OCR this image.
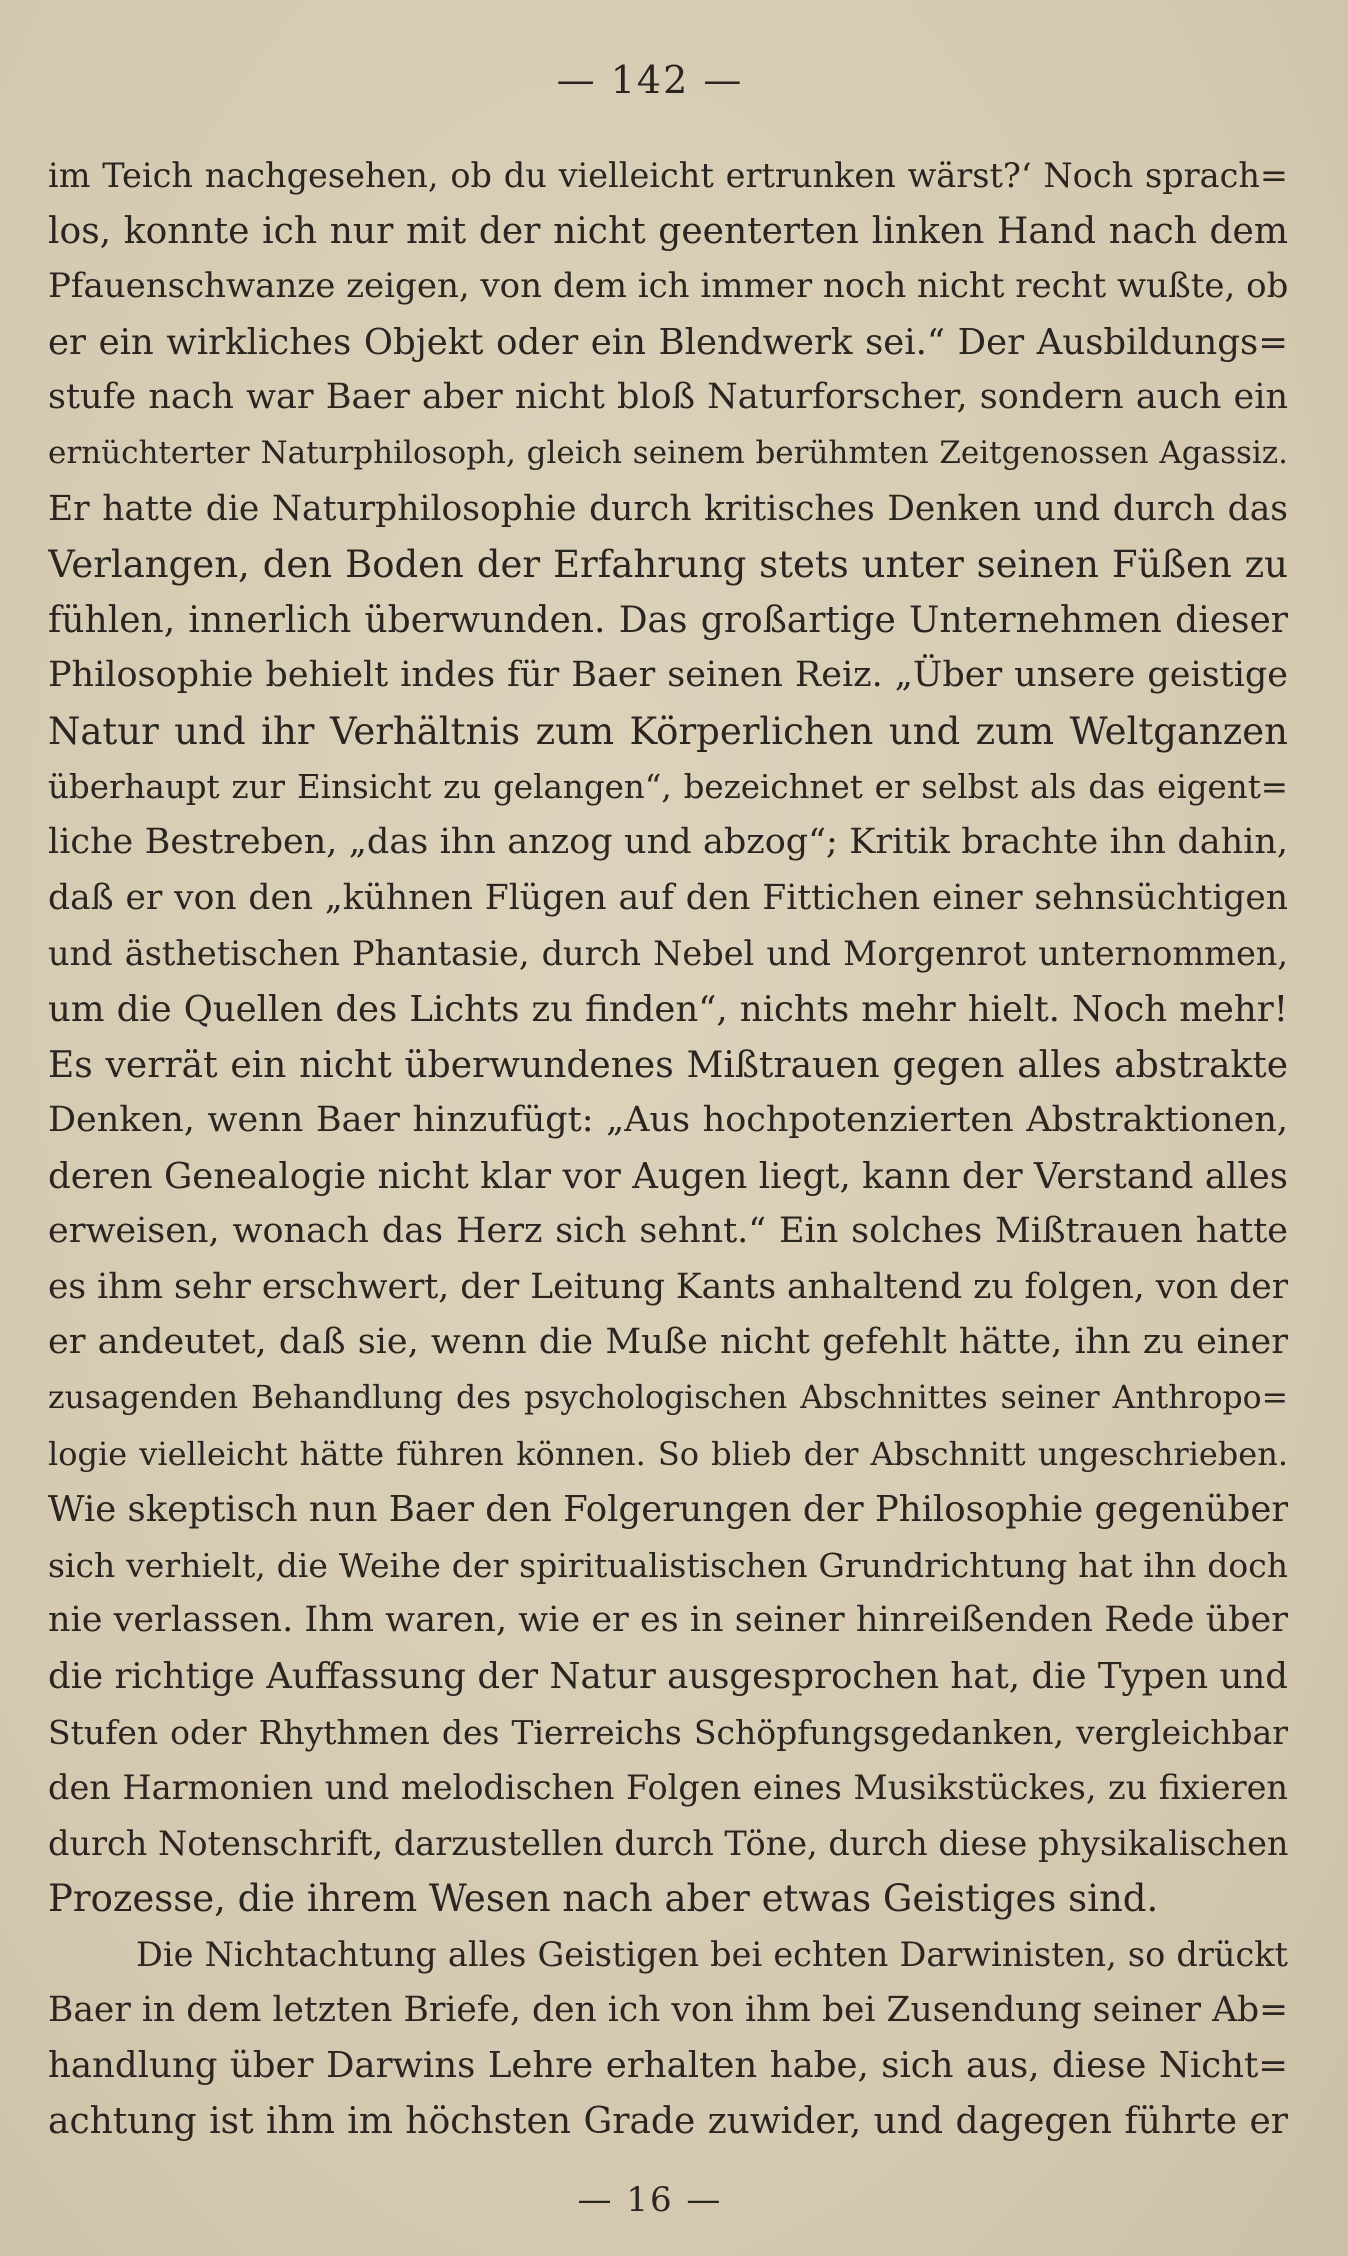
— 142 —
im Teich nachgesehen, ob du vielleicht ertrunken wärst?‘ Noch sprach=
los, konnte ich nur mit der nicht geenterten linken Hand nach dem
Pfauenschwanze zeigen, von dem ich immer noch nicht recht wußte, ob
er ein wirkliches Objekt oder ein Blendwerk sei.“ Der Ausbildungs=
stufe nach war Baer aber nicht bloß Naturforscher, sondern auch ein
ernüchterter Naturphilosoph, gleich seinem berühmten Zeitgenossen Agassiz.
Er hatte die Naturphilosophie durch kritisches Denken und durch das
Verlangen, den Boden der Erfahrung stets unter seinen Füßen zu
fühlen, innerlich überwunden. Das großartige Unternehmen dieser
Philosophie behielt indes für Baer seinen Reiz. „Über unsere geistige
Natur und ihr Verhältnis zum Körperlichen und zum Weltganzen
überhaupt zur Einsicht zu gelangen“, bezeichnet er selbst als das eigent=
liche Bestreben, „das ihn anzog und abzog“; Kritik brachte ihn dahin,
daß er von den „kühnen Flügen auf den Fittichen einer sehnsüchtigen
und ästhetischen Phantasie, durch Nebel und Morgenrot unternommen,
um die Quellen des Lichts zu finden“, nichts mehr hielt. Noch mehr!
Es verrät ein nicht überwundenes Mißtrauen gegen alles abstrakte
Denken, wenn Baer hinzufügt: „Aus hochpotenzierten Abstraktionen,
deren Genealogie nicht klar vor Augen liegt, kann der Verstand alles
erweisen, wonach das Herz sich sehnt.“ Ein solches Mißtrauen hatte
es ihm sehr erschwert, der Leitung Kants anhaltend zu folgen, von der
er andeutet, daß sie, wenn die Muße nicht gefehlt hätte, ihn zu einer
zusagenden Behandlung des psychologischen Abschnittes seiner Anthropo=
logie vielleicht hätte führen können. So blieb der Abschnitt ungeschrieben.
Wie skeptisch nun Baer den Folgerungen der Philosophie gegenüber
sich verhielt, die Weihe der spiritualistischen Grundrichtung hat ihn doch
nie verlassen. Ihm waren, wie er es in seiner hinreißenden Rede über
die richtige Auffassung der Natur ausgesprochen hat, die Typen und
Stufen oder Rhythmen des Tierreichs Schöpfungsgedanken, vergleichbar
den Harmonien und melodischen Folgen eines Musikstückes, zu fixieren
durch Notenschrift, darzustellen durch Töne, durch diese physikalischen
Prozesse, die ihrem Wesen nach aber etwas Geistiges sind.
Die Nichtachtung alles Geistigen bei echten Darwinisten, so drückt
Baer in dem letzten Briefe, den ich von ihm bei Zusendung seiner Ab=
handlung über Darwins Lehre erhalten habe, sich aus, diese Nicht=
achtung ist ihm im höchsten Grade zuwider, und dagegen führte er
— 16 —
